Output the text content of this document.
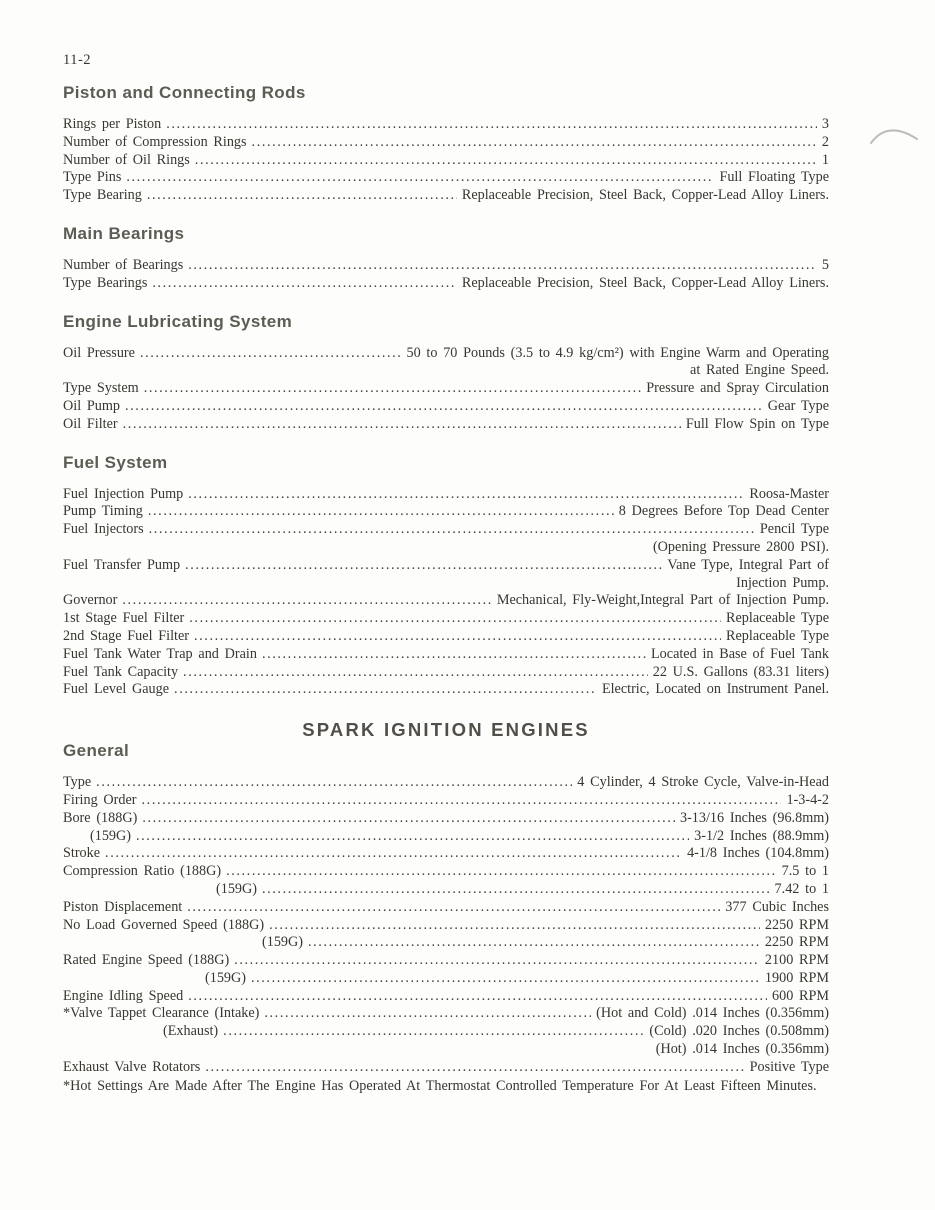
11-2
Piston and Connecting Rods
Rings per Piston .....	3
Number of Compression Rings .....	2
Number of Oil Rings .....	1
Type Pins .....	Full Floating Type
Type Bearing .....	Replaceable Precision, Steel Back, Copper-Lead Alloy Liners.
Main Bearings
Number of Bearings .....	5
Type Bearings .....	Replaceable Precision, Steel Back, Copper-Lead Alloy Liners.
Engine Lubricating System
Oil Pressure .....	50 to 70 Pounds (3.5 to 4.9 kg/cm²) with Engine Warm and Operating
at Rated Engine Speed.
Type System .....	Pressure and Spray Circulation
Oil Pump .....	Gear Type
Oil Filter .....	Full Flow Spin on Type
Fuel System
Fuel Injection Pump .....	Roosa-Master
Pump Timing .....	8 Degrees Before Top Dead Center
Fuel Injectors .....	Pencil Type
(Opening Pressure 2800 PSI).
Fuel Transfer Pump .....	Vane Type, Integral Part of
Injection Pump.
Governor .....	Mechanical, Fly-Weight,Integral Part of Injection Pump.
1st Stage Fuel Filter .....	Replaceable Type
2nd Stage Fuel Filter .....	Replaceable Type
Fuel Tank Water Trap and Drain .....	Located in Base of Fuel Tank
Fuel Tank Capacity .....	22 U.S. Gallons (83.31 liters)
Fuel Level Gauge .....	Electric, Located on Instrument Panel.
SPARK IGNITION ENGINES
General
Type .....	4 Cylinder, 4 Stroke Cycle, Valve-in-Head
Firing Order .....	1-3-4-2
Bore (188G) .....	3-13/16 Inches (96.8mm)
(159G) .....	3-1/2 Inches (88.9mm)
Stroke .....	4-1/8 Inches (104.8mm)
Compression Ratio (188G) .....	7.5 to 1
(159G) .....	7.42 to 1
Piston Displacement .....	377 Cubic Inches
No Load Governed Speed (188G) .....	2250 RPM
(159G) .....	2250 RPM
Rated Engine Speed (188G) .....	2100 RPM
(159G) .....	1900 RPM
Engine Idling Speed .....	600 RPM
*Valve Tappet Clearance (Intake) .....	(Hot and Cold) .014 Inches (0.356mm)
(Exhaust) .....	(Cold) .020 Inches (0.508mm)
(Hot) .014 Inches (0.356mm)
Exhaust Valve Rotators .....	Positive Type

*Hot Settings Are Made After The Engine Has Operated At Thermostat Controlled Temperature For At Least Fifteen Minutes.
